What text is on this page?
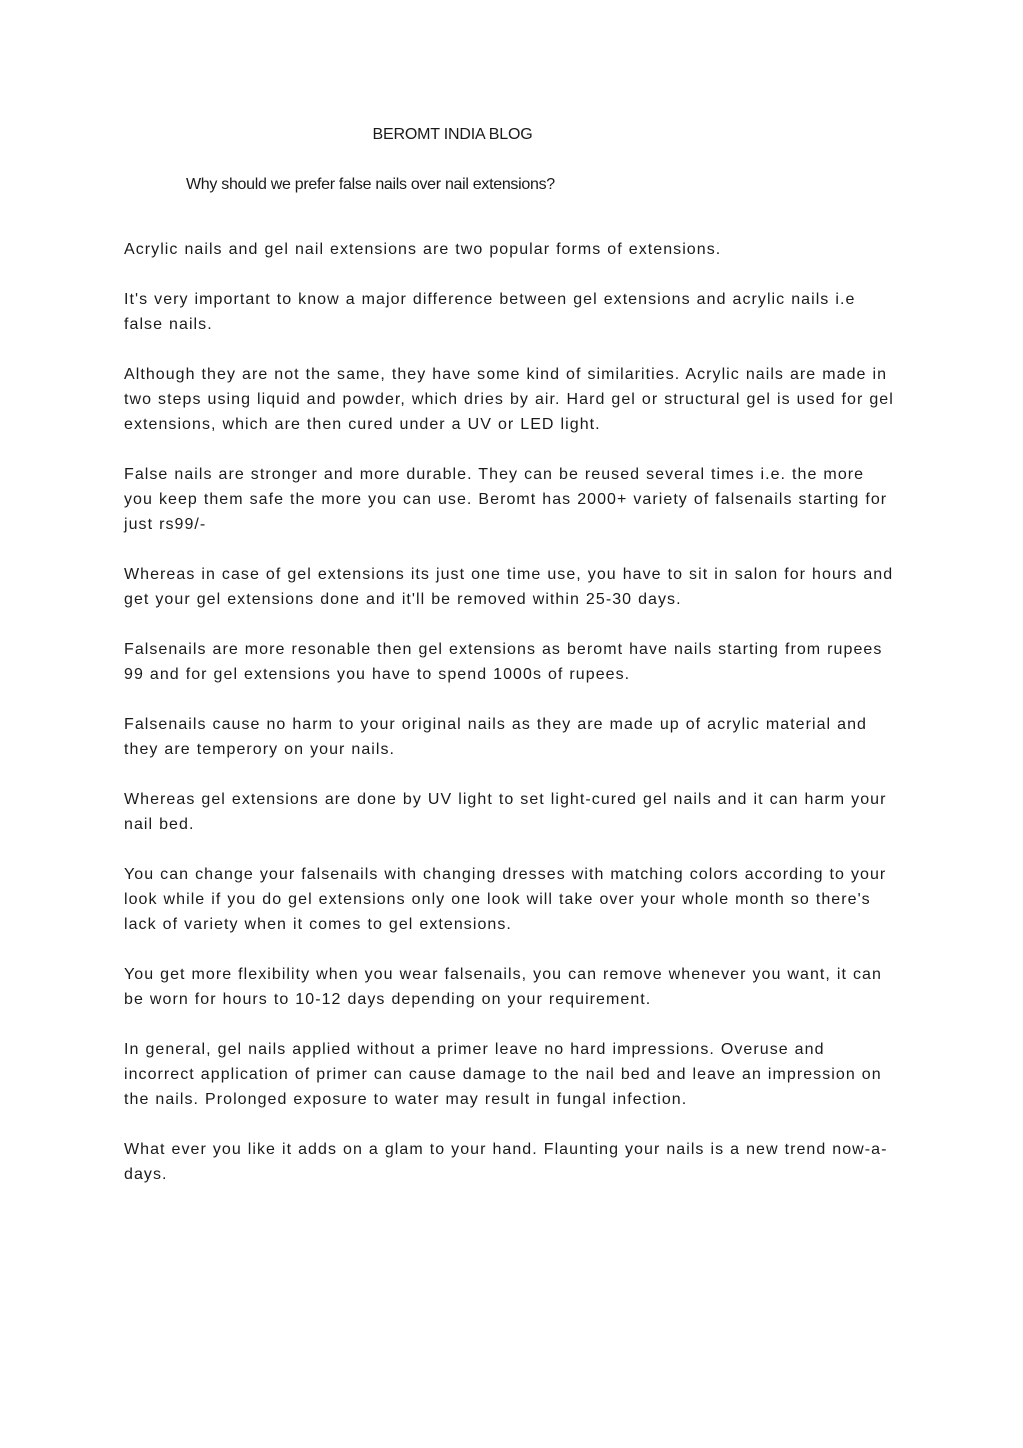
BEROMT INDIA BLOG
Why should we prefer false nails over nail extensions?

Acrylic nails and gel nail extensions are two popular forms of extensions.

It's very important to know a major difference between gel extensions and acrylic nails i.e false nails.

Although they are not the same, they have some kind of similarities. Acrylic nails are made in two steps using liquid and powder, which dries by air. Hard gel or structural gel is used for gel extensions, which are then cured under a UV or LED light.

False nails are stronger and more durable. They can be reused several times i.e. the more you keep them safe the more you can use. Beromt has 2000+ variety of falsenails starting for just rs99/-

Whereas in case of gel extensions its just one time use, you have to sit in salon for hours and get your gel extensions done and it'll be removed within 25-30 days.

Falsenails are more resonable then gel extensions as beromt have nails starting from rupees 99 and for gel extensions you have to spend 1000s of rupees.

Falsenails cause no harm to your original nails as they are made up of acrylic material and they are temperory on your nails.

Whereas gel extensions are done by UV light to set light-cured gel nails and it can harm your nail bed.

You can change your falsenails with changing dresses with matching colors according to your look while if you do gel extensions only one look will take over your whole month so there's lack of variety when it comes to gel extensions.

You get more flexibility when you wear falsenails, you can remove whenever you want, it can be worn for hours to 10-12 days depending on your requirement.

In general, gel nails applied without a primer leave no hard impressions. Overuse and incorrect application of primer can cause damage to the nail bed and leave an impression on the nails. Prolonged exposure to water may result in fungal infection.

What ever you like it adds on a glam to your hand. Flaunting your nails is a new trend now-a-days.
